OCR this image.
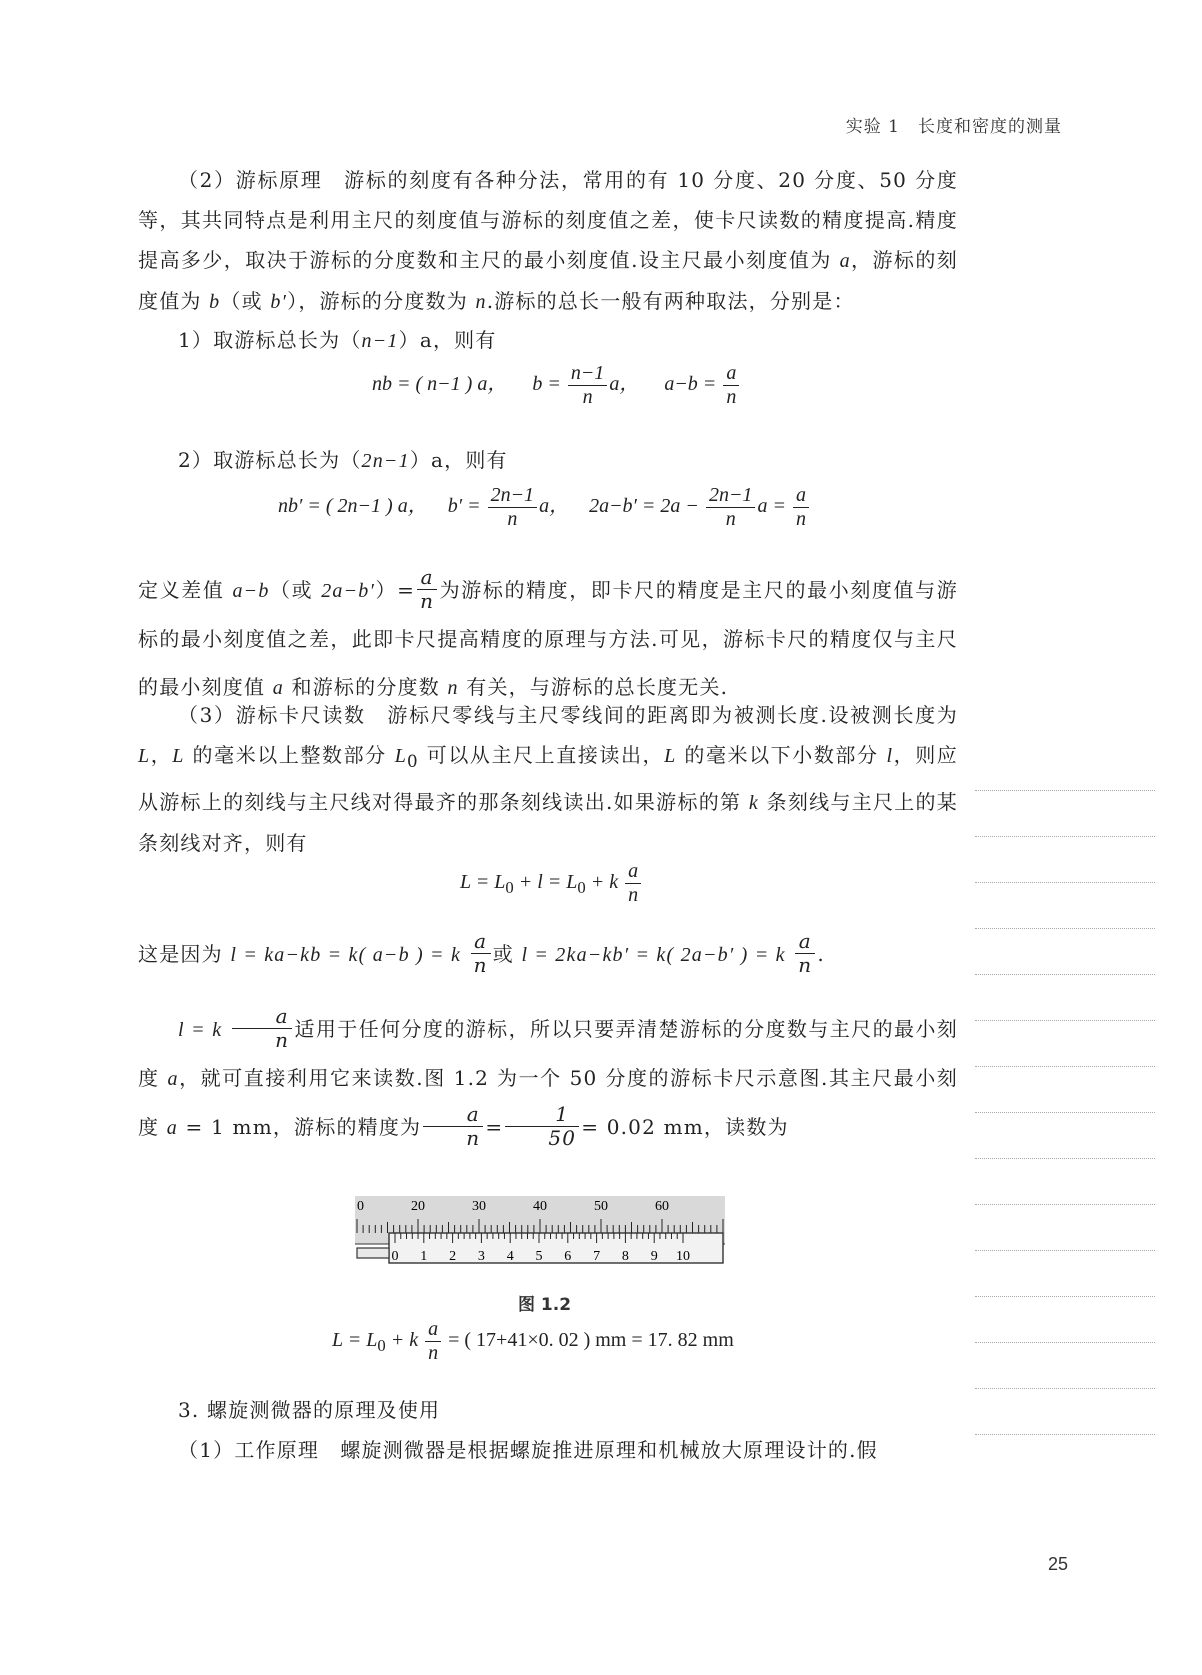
实验 1　长度和密度的测量
（2）游标原理　游标的刻度有各种分法，常用的有 10 分度、20 分度、50 分度等，其共同特点是利用主尺的刻度值与游标的刻度值之差，使卡尺读数的精度提高.精度提高多少，取决于游标的分度数和主尺的最小刻度值.设主尺最小刻度值为 a，游标的刻度值为 b（或 b′），游标的分度数为 n.游标的总长一般有两种取法，分别是：
1）取游标总长为（n−1）a，则有
nb = ( n−1 ) a， $b = \frac{n-1}{n}$ a， $a-b = \frac{a}{n}$
2）取游标总长为（2n−1）a，则有
nb′ = ( 2n−1 ) a， $b' = \frac{2n-1}{n}$ a， $2a-b' = 2a - \frac{2n-1}{n}$ $a = \frac{a}{n}$
定义差值 a−b（或 $2a-b')= \frac{a}{n}$ 为游标的精度，即卡尺的精度是主尺的最小刻度值与游标的最小刻度值之差，此即卡尺提高精度的原理与方法.可见，游标卡尺的精度仅与主尺的最小刻度值 a 和游标的分度数 n 有关，与游标的总长度无关.
（3）游标卡尺读数　游标尺零线与主尺零线间的距离即为被测长度.设被测长度为 L，L 的毫米以上整数部分 $L_0$ 可以从主尺上直接读出，L 的毫米以下小数部分 l，则应从游标上的刻线与主尺线对得最齐的那条刻线读出.如果游标的第 k 条刻线与主尺上的某条刻线对齐，则有
$L = L_0 + l = L_0 + k \frac{a}{n}$
这是因为 l = ka−kb = k( a−b ) = k $\frac{a}{n}$ 或 l = 2ka−kb′ = k( 2a−b′ ) = k $\frac{a}{n}$ .
l = k $\frac{a}{n}$ 适用于任何分度的游标，所以只要弄清楚游标的分度数与主尺的最小刻度 a，就可直接利用它来读数.图 1.2 为一个 50 分度的游标卡尺示意图.其主尺最小刻度 a = 1 mm，游标的精度为 $\frac{a}{n} = \frac{1}{50} = 0.02$ mm，读数为
0	20	30	40	50	60
0 1 2 3 4 5 6 7 8 9 10
图 1.2
$L = L_0 + k \frac{a}{n}$ = ( 17+41×0. 02 ) mm = 17. 82 mm
3. 螺旋测微器的原理及使用
（1）工作原理　螺旋测微器是根据螺旋推进原理和机械放大原理设计的.假
25
